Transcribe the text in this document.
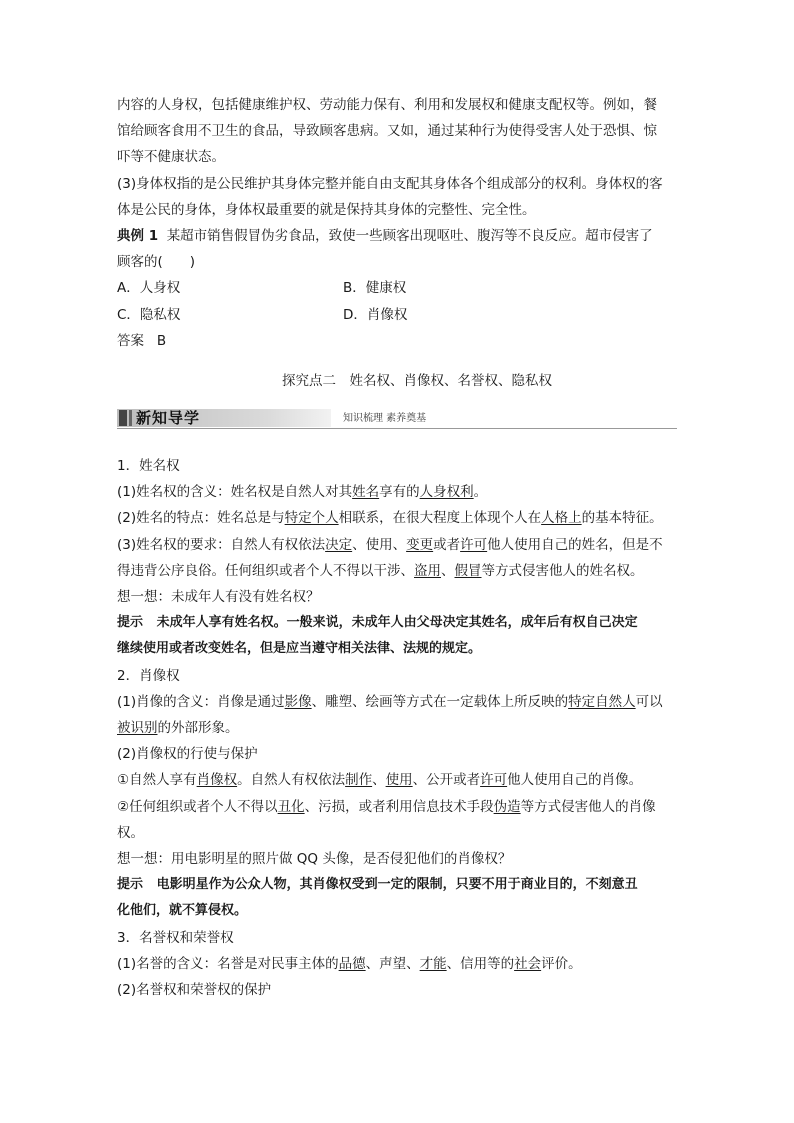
内容的人身权，包括健康维护权、劳动能力保有、利用和发展权和健康支配权等。例如，餐
馆给顾客食用不卫生的食品，导致顾客患病。又如，通过某种行为使得受害人处于恐惧、惊
吓等不健康状态。

(3)身体权指的是公民维护其身体完整并能自由支配其身体各个组成部分的权利。身体权的客
体是公民的身体，身体权最重要的就是保持其身体的完整性、完全性。

典例 1 某超市销售假冒伪劣食品，致使一些顾客出现呕吐、腹泻等不良反应。超市侵害了
顾客的(　　)

A．人身权	B．健康权
C．隐私权	D．肖像权

答案 B

探究点二　姓名权、肖像权、名誉权、隐私权

新知导学	知识梳理 素养奠基

1．姓名权

(1)姓名权的含义：姓名权是自然人对其姓名享有的人身权利。

(2)姓名的特点：姓名总是与特定个人相联系，在很大程度上体现个人在人格上的基本特征。

(3)姓名权的要求：自然人有权依法决定、使用、变更或者许可他人使用自己的姓名，但是不
得违背公序良俗。任何组织或者个人不得以干涉、盗用、假冒等方式侵害他人的姓名权。

想一想：未成年人有没有姓名权？

提示 未成年人享有姓名权。一般来说，未成年人由父母决定其姓名，成年后有权自己决定
继续使用或者改变姓名，但是应当遵守相关法律、法规的规定。

2．肖像权

(1)肖像的含义：肖像是通过影像、雕塑、绘画等方式在一定载体上所反映的特定自然人可以
被识别的外部形象。

(2)肖像权的行使与保护

①自然人享有肖像权。自然人有权依法制作、使用、公开或者许可他人使用自己的肖像。

②任何组织或者个人不得以丑化、污损，或者利用信息技术手段伪造等方式侵害他人的肖像
权。

想一想：用电影明星的照片做 QQ 头像，是否侵犯他们的肖像权？

提示 电影明星作为公众人物，其肖像权受到一定的限制，只要不用于商业目的，不刻意丑
化他们，就不算侵权。

3．名誉权和荣誉权

(1)名誉的含义：名誉是对民事主体的品德、声望、才能、信用等的社会评价。

(2)名誉权和荣誉权的保护
